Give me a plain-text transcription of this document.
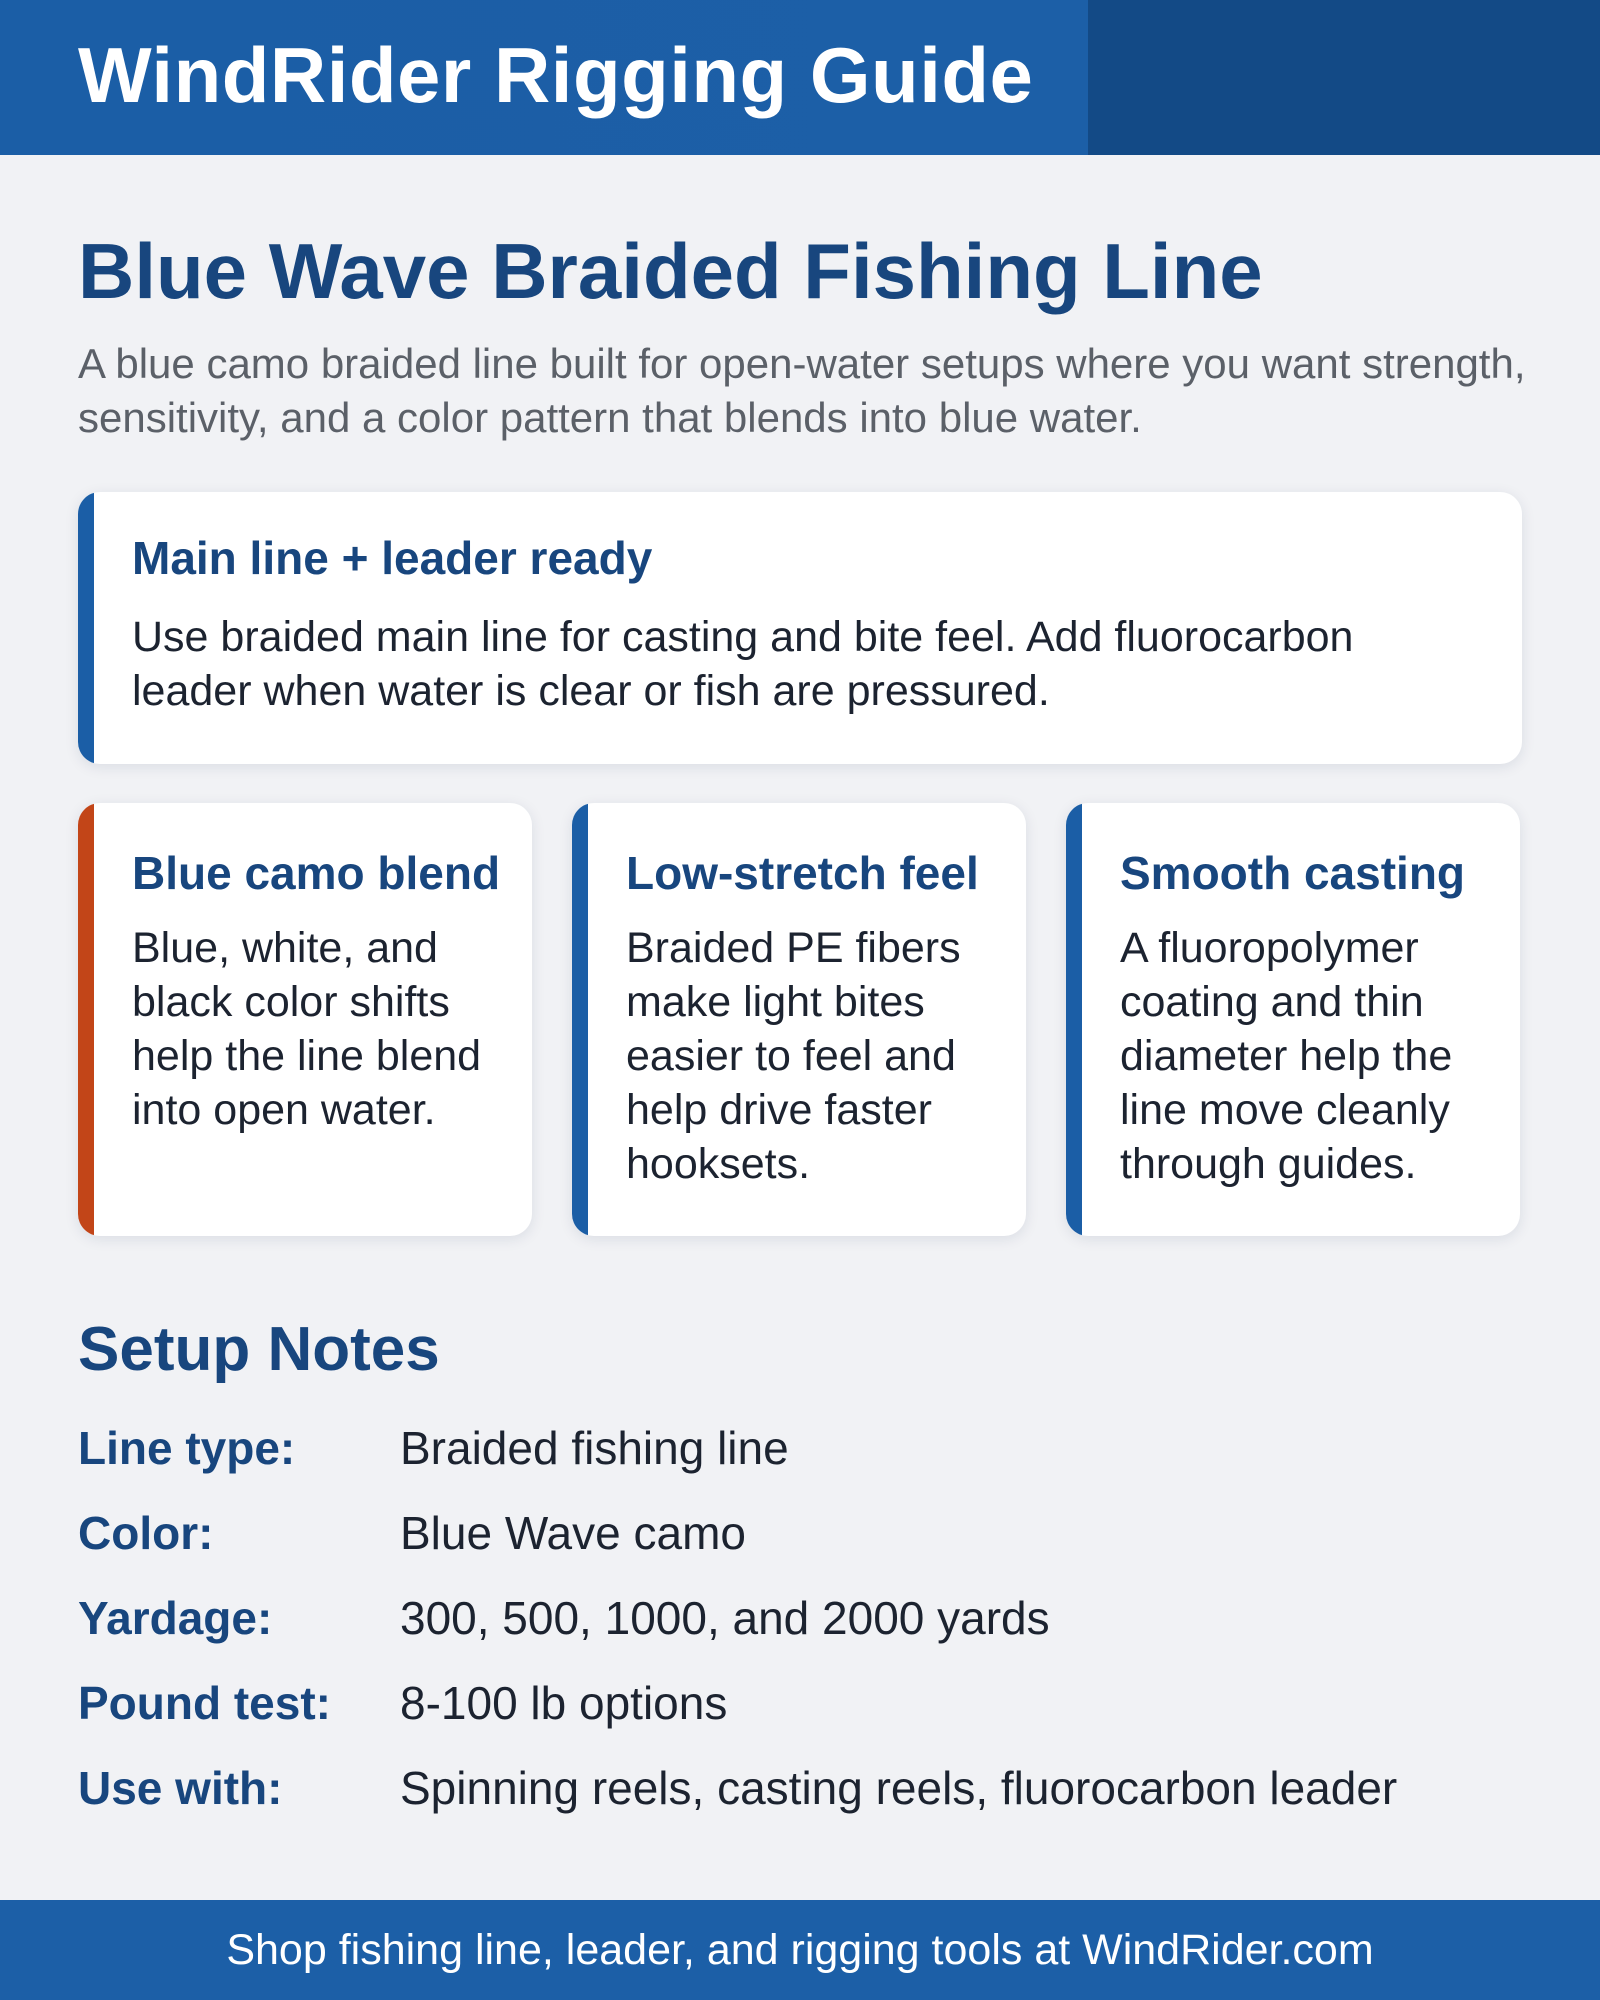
WindRider Rigging Guide
Blue Wave Braided Fishing Line

A blue camo braided line built for open-water setups where you want strength, sensitivity, and a color pattern that blends into blue water.

Main line + leader ready
Use braided main line for casting and bite feel. Add fluorocarbon leader when water is clear or fish are pressured.
Blue camo blend
Blue, white, and black color shifts help the line blend into open water.
Low-stretch feel
Braided PE fibers make light bites easier to feel and help drive faster hooksets.
Smooth casting
A fluoropolymer coating and thin diameter help the line move cleanly through guides.
Setup Notes
Line type: Braided fishing line
Color:	Blue Wave camo
Yardage:	300, 500, 1000, and 2000 yards
Pound test: 8-100 lb options
Use with:	Spinning reels, casting reels, fluorocarbon leader
Shop fishing line, leader, and rigging tools at WindRider.com
